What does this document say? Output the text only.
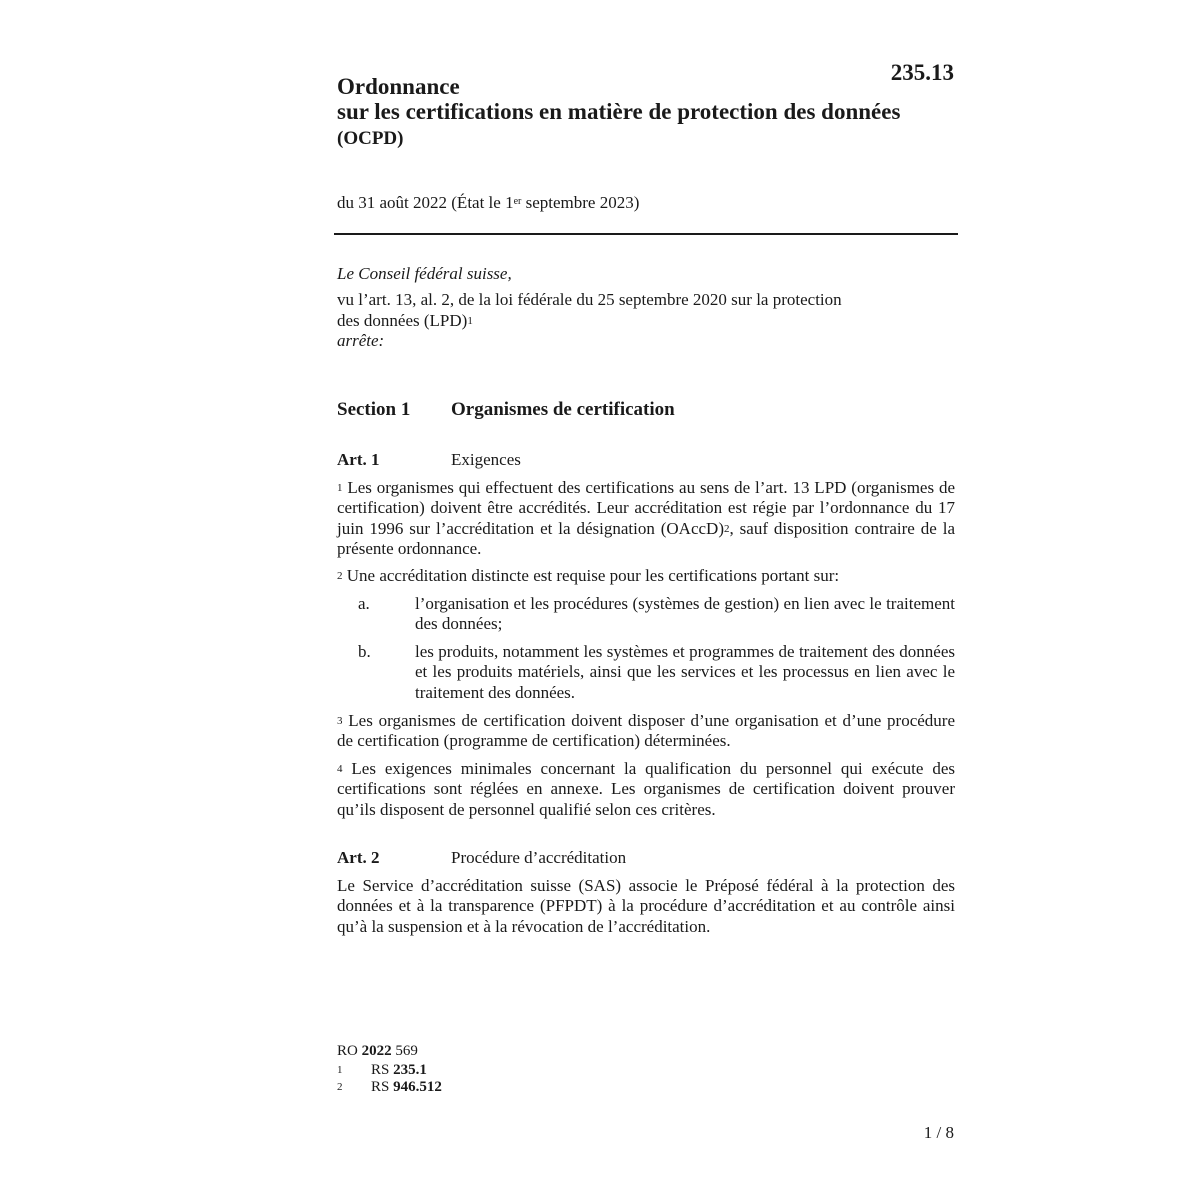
235.13
Ordonnance
sur les certifications en matière de protection des données
(OCPD)
du 31 août 2022 (État le 1er septembre 2023)
Le Conseil fédéral suisse,
vu l’art. 13, al. 2, de la loi fédérale du 25 septembre 2020 sur la protection
des données (LPD)$^1$
arrête:
Section 1 Organismes de certification
Art. 1	Exigences
$^1$ Les organismes qui effectuent des certifications au sens de l’art. 13 LPD (organismes de certification) doivent être accrédités. Leur accréditation est régie par l’ordonnance du 17 juin 1996 sur l’accréditation et la désignation (OAccD)$^2$, sauf disposition contraire de la présente ordonnance.
$^2$ Une accréditation distincte est requise pour les certifications portant sur:
a.	l’organisation et les procédures (systèmes de gestion) en lien avec le traitement des données;
b.	les produits, notamment les systèmes et programmes de traitement des données et les produits matériels, ainsi que les services et les processus en lien avec le traitement des données.
$^3$ Les organismes de certification doivent disposer d’une organisation et d’une procédure de certification (programme de certification) déterminées.
$^4$ Les exigences minimales concernant la qualification du personnel qui exécute des certifications sont réglées en annexe. Les organismes de certification doivent prouver qu’ils disposent de personnel qualifié selon ces critères.
Art. 2	Procédure d’accréditation
Le Service d’accréditation suisse (SAS) associe le Préposé fédéral à la protection des données et à la transparence (PFPDT) à la procédure d’accréditation et au contrôle ainsi qu’à la suspension et à la révocation de l’accréditation.
RO 2022 569
1 RS 235.1
2 RS 946.512
1 / 8
